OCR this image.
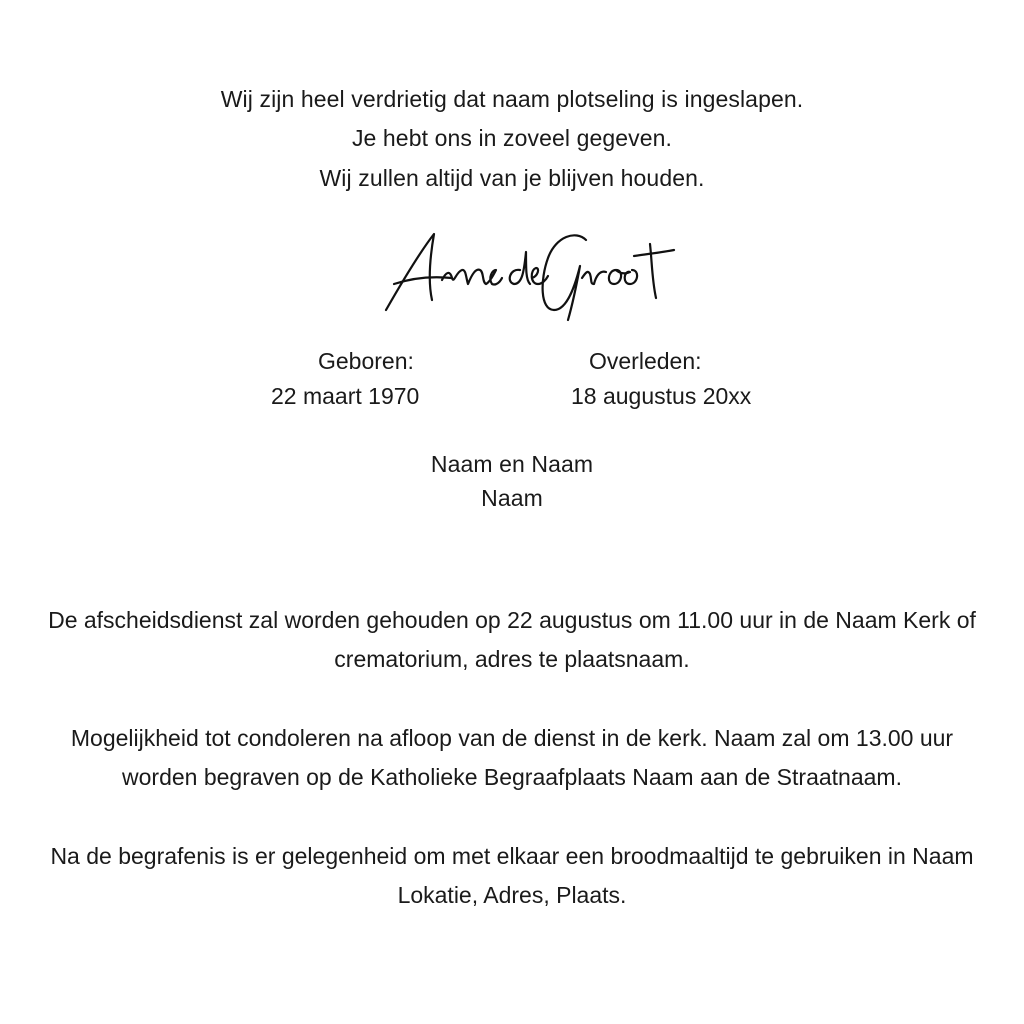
Wij zijn heel verdrietig dat naam plotseling is ingeslapen.
Je hebt ons in zoveel gegeven.
Wij zullen altijd van je blijven houden.
Geboren:
22 maart 1970
Overleden:
18 augustus 20xx
Naam en Naam
Naam
De afscheidsdienst zal worden gehouden op 22 augustus om 11.00 uur in de Naam Kerk of crematorium, adres te plaatsnaam.
Mogelijkheid tot condoleren na afloop van de dienst in de kerk. Naam zal om 13.00 uur worden begraven op de Katholieke Begraafplaats Naam aan de Straatnaam.
Na de begrafenis is er gelegenheid om met elkaar een broodmaaltijd te gebruiken in Naam Lokatie, Adres, Plaats.
